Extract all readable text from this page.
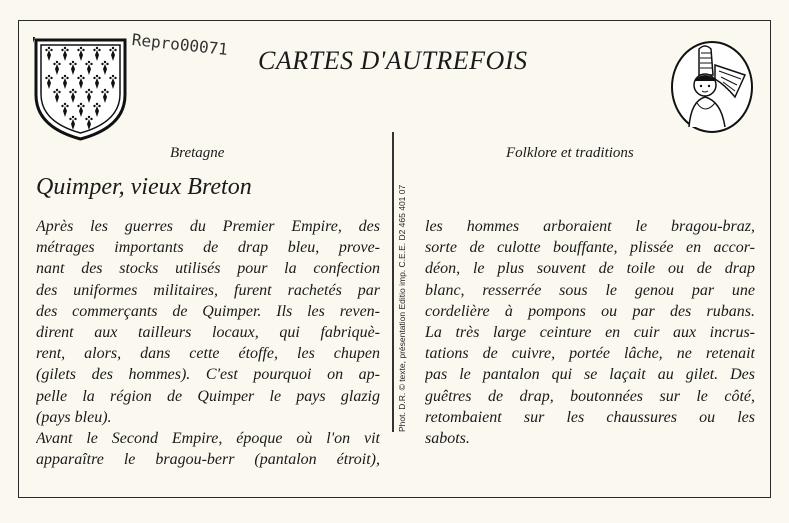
Repro00071
CARTES D'AUTREFOIS
Bretagne	Folklore et traditions
Quimper, vieux Breton	Phot. D.R. © texte, présentation Editio imp. C.E.E. D2 465 401 07
Après les guerres du Premier Empire, des
métrages importants de drap bleu, prove-
nant des stocks utilisés pour la confection
des uniformes militaires, furent rachetés par
des commerçants de Quimper. Ils les reven-
dirent aux tailleurs locaux, qui fabriquè-
rent, alors, dans cette étoffe, les chupen
(gilets des hommes). C'est pourquoi on ap-
pelle la région de Quimper le pays glazig
(pays bleu).
Avant le Second Empire, époque où l'on vit
apparaître le bragou-berr (pantalon étroit),
les hommes arboraient le bragou-braz,
sorte de culotte bouffante, plissée en accor-
déon, le plus souvent de toile ou de drap
blanc, resserrée sous le genou par une
cordelière à pompons ou par des rubans.
La très large ceinture en cuir aux incrus-
tations de cuivre, portée lâche, ne retenait
pas le pantalon qui se laçait au gilet. Des
guêtres de drap, boutonnées sur le côté,
retombaient sur les chaussures ou les
sabots.
